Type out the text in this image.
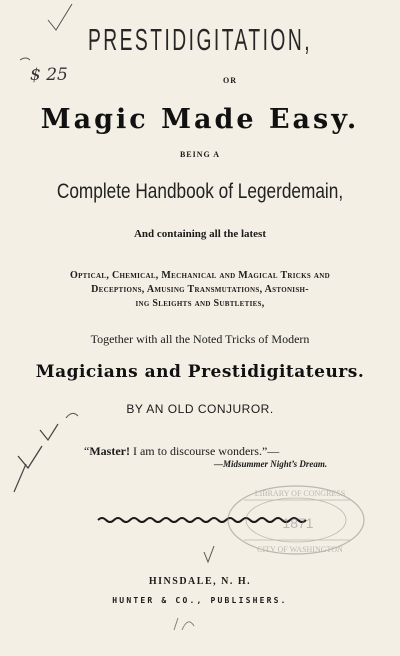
PRESTIDIGITATION,
OR
Magic Made Easy.
BEING A
Complete Handbook of Legerdemain,
And containing all the latest
Optical, Chemical, Mechanical and Magical Tricks and
Deceptions, Amusing Transmutations, Astonish-
ing Sleights and Subtleties,
Together with all the Noted Tricks of Modern
Magicians and Prestidigitateurs.
BY AN OLD CONJUROR.
“Master! I am to discourse wonders.”—
—Midsummer Night’s Dream.
HINSDALE, N. H.
HUNTER & CO., PUBLISHERS.
$ 25
LIBRARY OF CONGRESS
CITY OF WASHINGTON
1871
